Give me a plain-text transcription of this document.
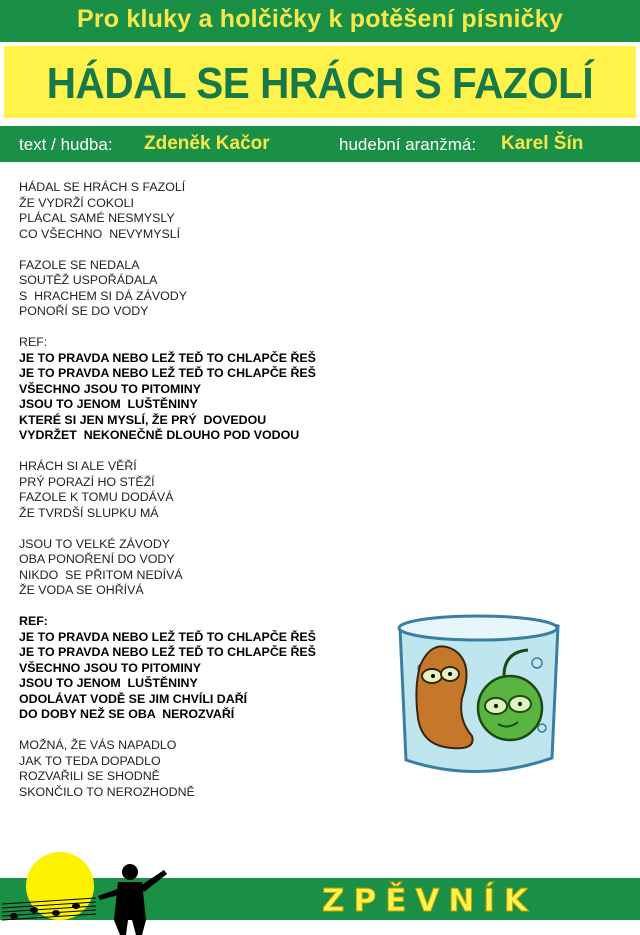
Pro kluky a holčičky k potěšení písničky
HÁDAL SE HRÁCH S FAZOLÍ
text / hudba: Zdeněk Kačor	hudební aranžmá: Karel Šín
HÁDAL SE HRÁCH S FAZOLÍ
ŽE VYDRŽÍ COKOLI
PLÁCAL SAMÉ NESMYSLY
CO VŠECHNO  NEVYMYSLÍ
FAZOLE SE NEDALA
SOUTĚŽ USPOŘÁDALA
S  HRACHEM SI DÁ ZÁVODY
PONOŘÍ SE DO VODY
REF:
JE TO PRAVDA NEBO LEŽ TEĎ TO CHLAPČE ŘEŠ
JE TO PRAVDA NEBO LEŽ TEĎ TO CHLAPČE ŘEŠ
VŠECHNO JSOU TO PITOMINY
JSOU TO JENOM  LUŠTĚNINY
KTERÉ SI JEN MYSLÍ, ŽE PRÝ  DOVEDOU
VYDRŽET  NEKONEČNĚ DLOUHO POD VODOU
HRÁCH SI ALE VĚŘÍ
PRÝ PORAZÍ HO STĚŽÍ
FAZOLE K TOMU DODÁVÁ
ŽE TVRDŠÍ SLUPKU MÁ
JSOU TO VELKÉ ZÁVODY
OBA PONOŘENÍ DO VODY
NIKDO  SE PŘITOM NEDÍVÁ
ŽE VODA SE OHŘÍVÁ
REF:
JE TO PRAVDA NEBO LEŽ TEĎ TO CHLAPČE ŘEŠ
JE TO PRAVDA NEBO LEŽ TEĎ TO CHLAPČE ŘEŠ
VŠECHNO JSOU TO PITOMINY
JSOU TO JENOM  LUŠTĚNINY
ODOLÁVAT VODĚ SE JIM CHVÍLI DAŘÍ
DO DOBY NEŽ SE OBA  NEROZVAŘÍ
MOŽNÁ, ŽE VÁS NAPADLO
JAK TO TEDA DOPADLO
ROZVAŘILI SE SHODNĚ
SKONČILO TO NEROZHODNĚ
ZPĚVNÍK
